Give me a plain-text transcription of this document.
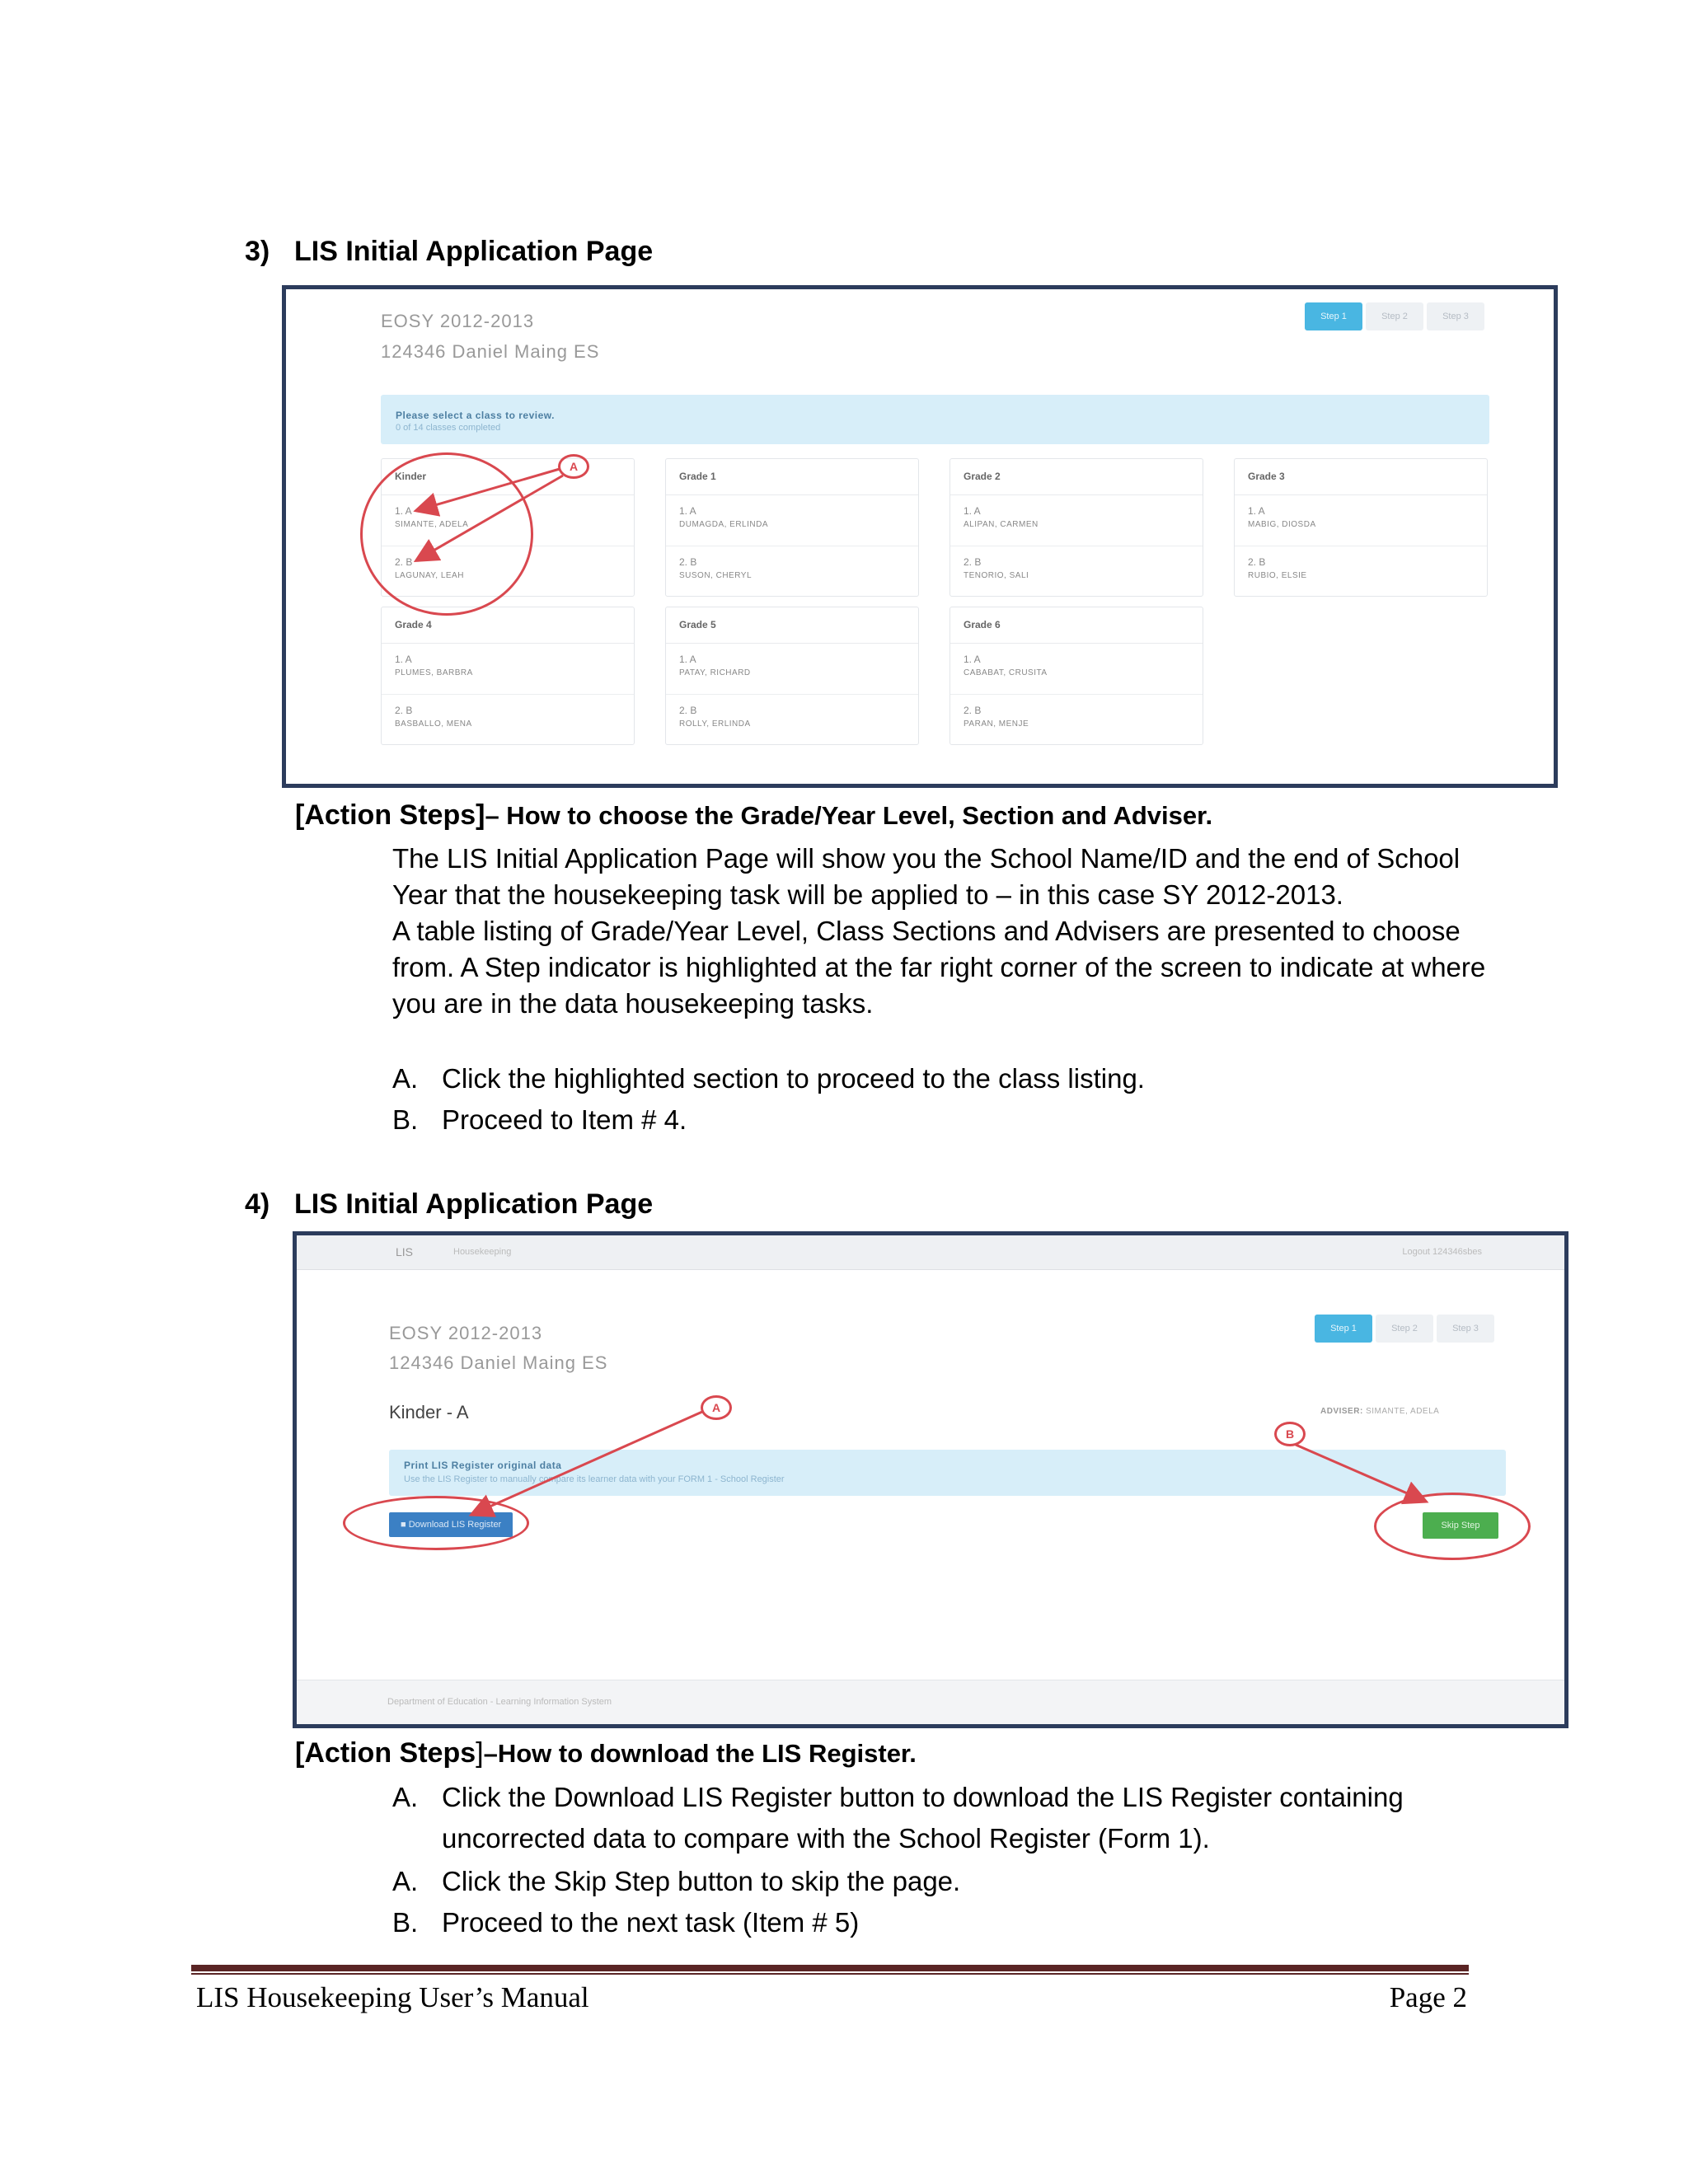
3) LIS Initial Application Page
EOSY 2012-2013
124346 Daniel Maing ES
Step 1	Step 2	Step 3
Please select a class to review.
0 of 14 classes completed
Kinder
1. A
SIMANTE, ADELA
2. B
LAGUNAY, LEAH
Grade 1
1. A
DUMAGDA, ERLINDA
2. B
SUSON, CHERYL
Grade 2
1. A
ALIPAN, CARMEN
2. B
TENORIO, SALI
Grade 3
1. A
MABIG, DIOSDA
2. B
RUBIO, ELSIE
Grade 4
1. A
PLUMES, BARBRA
2. B
BASBALLO, MENA
Grade 5
1. A
PATAY, RICHARD
2. B
ROLLY, ERLINDA
Grade 6
1. A
CABABAT, CRUSITA
2. B
PARAN, MENJE
A
[Action Steps]– How to choose the Grade/Year Level, Section and Adviser.
The LIS Initial Application Page will show you the School Name/ID and the end of School Year that the housekeeping task will be applied to – in this case SY 2012-2013.
A table listing of Grade/Year Level, Class Sections and Advisers are presented to choose from. A Step indicator is highlighted at the far right corner of the screen to indicate at where you are in the data housekeeping tasks.
A. Click the highlighted section to proceed to the class listing.
B. Proceed to Item # 4.
4) LIS Initial Application Page
LIS	Housekeeping	Logout 124346sbes
EOSY 2012-2013
124346 Daniel Maing ES
Step 1	Step 2	Step 3
Kinder - A	ADVISER: SIMANTE, ADELA
Print LIS Register original data
Use the LIS Register to manually compare its learner data with your FORM 1 - School Register
■ Download LIS Register	Skip Step
A
B
Department of Education - Learning Information System
[Action Steps]–How to download the LIS Register.
A. Click the Download LIS Register button to download the LIS Register containing uncorrected data to compare with the School Register (Form 1).
A. Click the Skip Step button to skip the page.
B. Proceed to the next task (Item # 5)
LIS Housekeeping User’s Manual	Page 2
